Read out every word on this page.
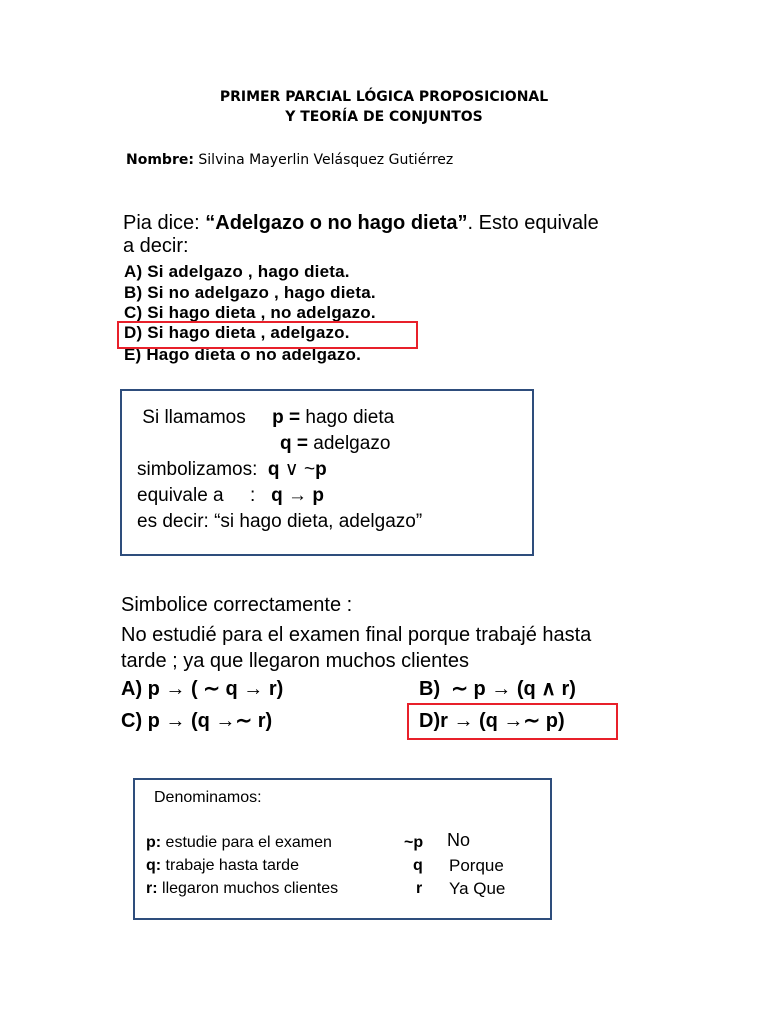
PRIMER PARCIAL LÓGICA PROPOSICIONAL
Y TEORÍA DE CONJUNTOS
Nombre: Silvina Mayerlin Velásquez Gutiérrez
Pia dice: “Adelgazo o no hago dieta”. Esto equivale a decir:
A) Si adelgazo , hago dieta.
B) Si no adelgazo , hago dieta.
C) Si hago dieta , no adelgazo.
D) Si hago dieta , adelgazo.
E) Hago dieta o no adelgazo.
Si llamamos     p = hago dieta
q = adelgazo
simbolizamos:  q ∨ ~p
equivale a     :   q → p
es decir: “si hago dieta, adelgazo”
Simbolice correctamente :
No estudié para el examen final porque trabajé hasta tarde ; ya que llegaron muchos clientes
A) p → ( ∼ q → r)	B)  ∼ p → (q ∧ r)
C) p → (q →∼ r)	D)r → (q →∼ p)
Denominamos:
p: estudie para el examen	~p No
q: trabaje hasta tarde	q Porque
r: llegaron muchos clientes	r Ya Que
